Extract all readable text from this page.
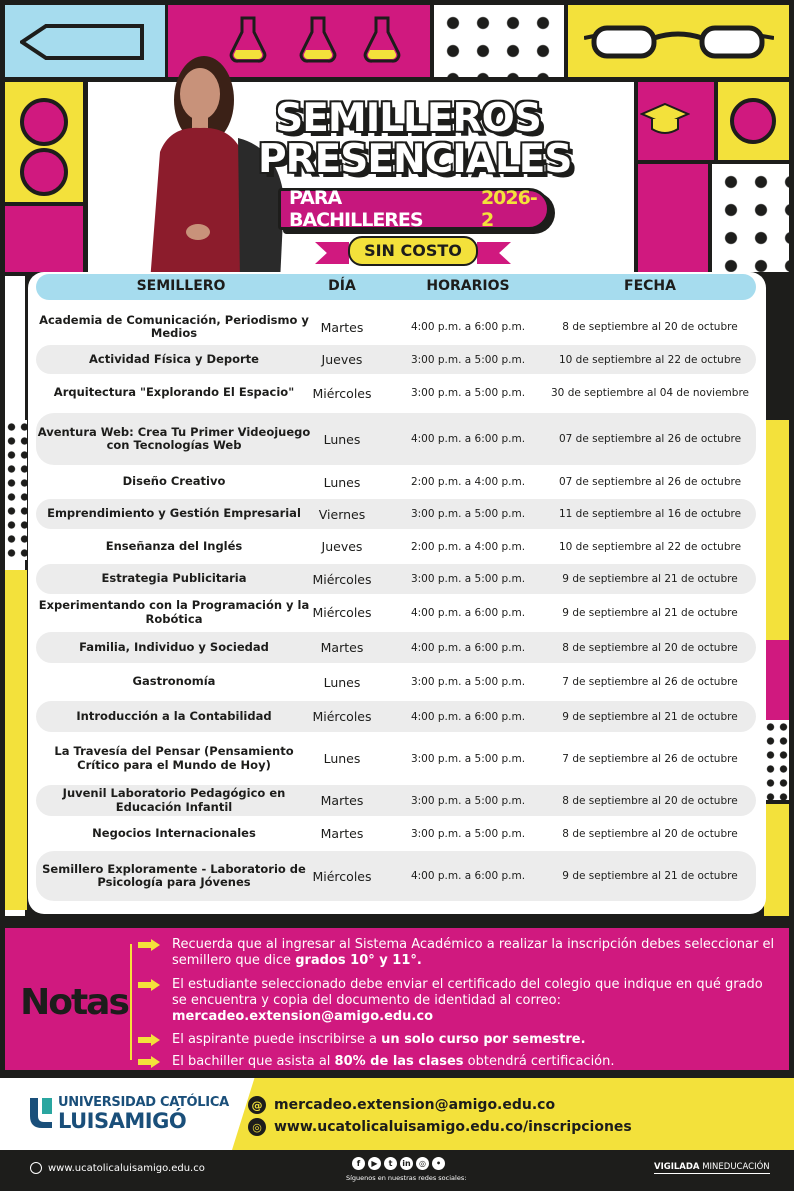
SEMILLEROS
PRESENCIALES
PARA BACHILLERES
2026-2
SIN COSTO
SEMILLERO	DÍA	HORARIOS	FECHA
Academia de Comunicación, Periodismo y Medios	Martes	4:00 p.m. a 6:00 p.m.	8 de septiembre al 20 de octubre
Actividad Física y Deporte	Jueves	3:00 p.m. a 5:00 p.m.	10 de septiembre al 22 de octubre
Arquitectura "Explorando El Espacio"	Miércoles	3:00 p.m. a 5:00 p.m.	30 de septiembre al 04 de noviembre
Aventura Web: Crea Tu Primer Videojuego con Tecnologías Web	Lunes	4:00 p.m. a 6:00 p.m.	07 de septiembre al 26 de octubre
Diseño Creativo	Lunes	2:00 p.m. a 4:00 p.m.	07 de septiembre al 26 de octubre
Emprendimiento y Gestión Empresarial	Viernes	3:00 p.m. a 5:00 p.m.	11 de septiembre al 16 de octubre
Enseñanza del Inglés	Jueves	2:00 p.m. a 4:00 p.m.	10 de septiembre al 22 de octubre
Estrategia Publicitaria	Miércoles	3:00 p.m. a 5:00 p.m.	9 de septiembre al 21 de octubre
Experimentando con la Programación y la Robótica	Miércoles	4:00 p.m. a 6:00 p.m.	9 de septiembre al 21 de octubre
Familia, Individuo y Sociedad	Martes	4:00 p.m. a 6:00 p.m.	8 de septiembre al 20 de octubre
Gastronomía	Lunes	3:00 p.m. a 5:00 p.m.	7 de septiembre al 26 de octubre
Introducción a la Contabilidad	Miércoles	4:00 p.m. a 6:00 p.m.	9 de septiembre al 21 de octubre
La Travesía del Pensar (Pensamiento Crítico para el Mundo de Hoy)	Lunes	3:00 p.m. a 5:00 p.m.	7 de septiembre al 26 de octubre
Juvenil Laboratorio Pedagógico en Educación Infantil	Martes	3:00 p.m. a 5:00 p.m.	8 de septiembre al 20 de octubre
Negocios Internacionales	Martes	3:00 p.m. a 5:00 p.m.	8 de septiembre al 20 de octubre
Semillero Exploramente - Laboratorio de Psicología para Jóvenes	Miércoles	4:00 p.m. a 6:00 p.m.	9 de septiembre al 21 de octubre
Notas
Recuerda que al ingresar al Sistema Académico a realizar la inscripción debes seleccionar el semillero que dice grados 10° y 11°.
El estudiante seleccionado debe enviar el certificado del colegio que indique en qué grado se encuentra y copia del documento de identidad al correo: mercadeo.extension@amigo.edu.co
El aspirante puede inscribirse a un solo curso por semestre.
El bachiller que asista al 80% de las clases obtendrá certificación.
UNIVERSIDAD CATÓLICA
LUISAMIGÓ
@ mercadeo.extension@amigo.edu.co
◎ www.ucatolicaluisamigo.edu.co/inscripciones
www.ucatolicaluisamigo.edu.co	f	▶	t	in	◎	•
Síguenos en nuestras redes sociales:
VIGILADA MINEDUCACIÓN
